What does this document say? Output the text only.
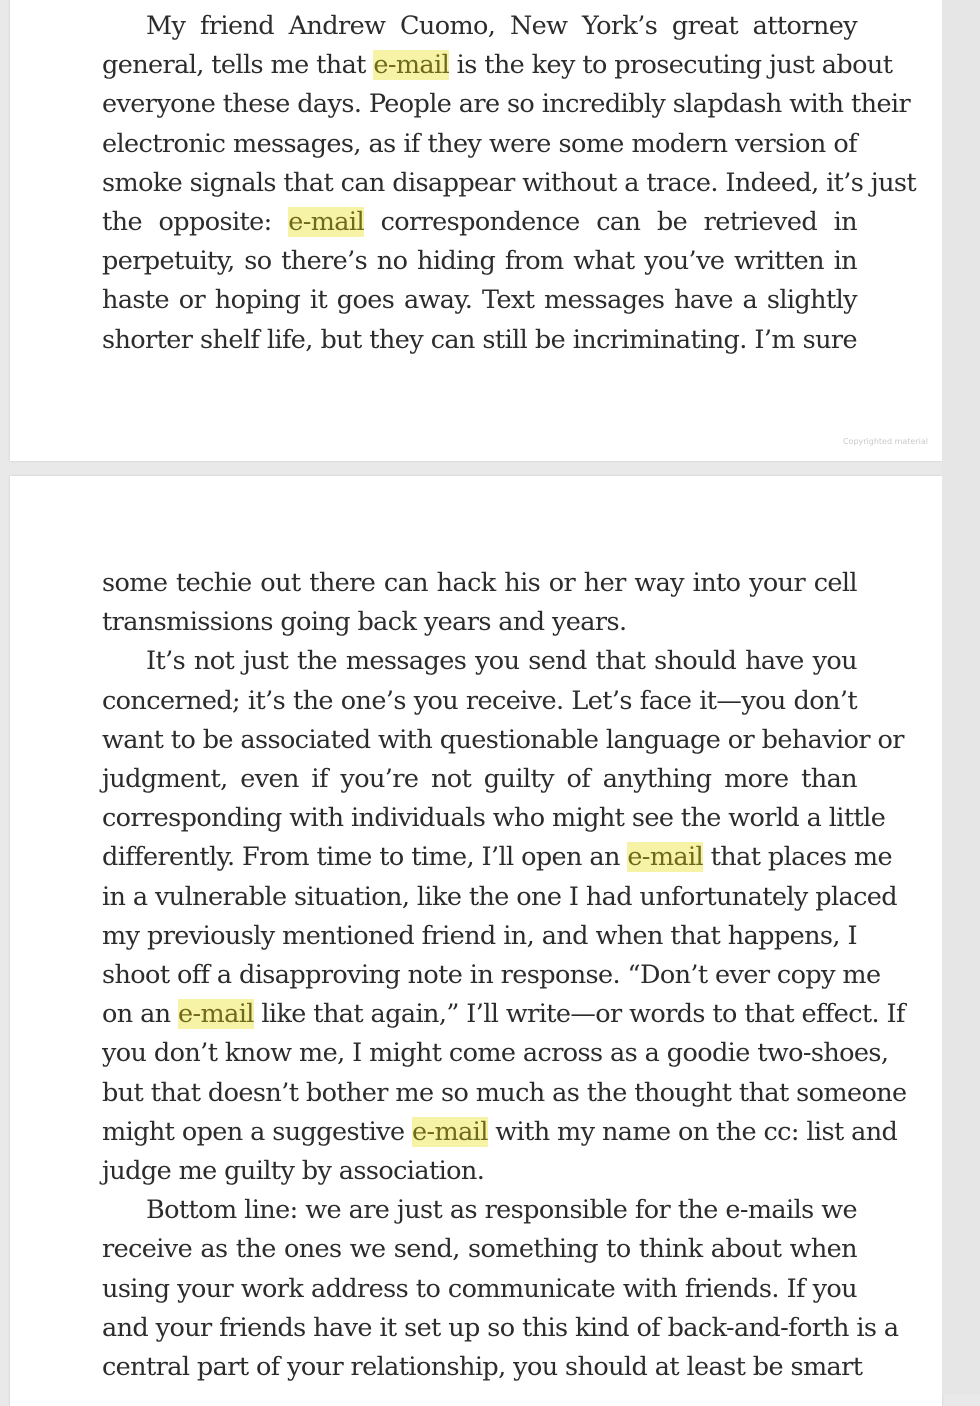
Copyrighted material
My friend Andrew Cuomo, New York’s great attorney
general, tells me that e-mail is the key to prosecuting just about
everyone these days. People are so incredibly slapdash with their
electronic messages, as if they were some modern version of
smoke signals that can disappear without a trace. Indeed, it’s just
the opposite: e-mail correspondence can be retrieved in
perpetuity, so there’s no hiding from what you’ve written in
haste or hoping it goes away. Text messages have a slightly
shorter shelf life, but they can still be incriminating. I’m sure
some techie out there can hack his or her way into your cell
transmissions going back years and years.
It’s not just the messages you send that should have you
concerned; it’s the one’s you receive. Let’s face it—you don’t
want to be associated with questionable language or behavior or
judgment, even if you’re not guilty of anything more than
corresponding with individuals who might see the world a little
differently. From time to time, I’ll open an e-mail that places me
in a vulnerable situation, like the one I had unfortunately placed
my previously mentioned friend in, and when that happens, I
shoot off a disapproving note in response. “Don’t ever copy me
on an e-mail like that again,” I’ll write—or words to that effect. If
you don’t know me, I might come across as a goodie two-shoes,
but that doesn’t bother me so much as the thought that someone
might open a suggestive e-mail with my name on the cc: list and
judge me guilty by association.
Bottom line: we are just as responsible for the e-mails we
receive as the ones we send, something to think about when
using your work address to communicate with friends. If you
and your friends have it set up so this kind of back-and-forth is a
central part of your relationship, you should at least be smart
